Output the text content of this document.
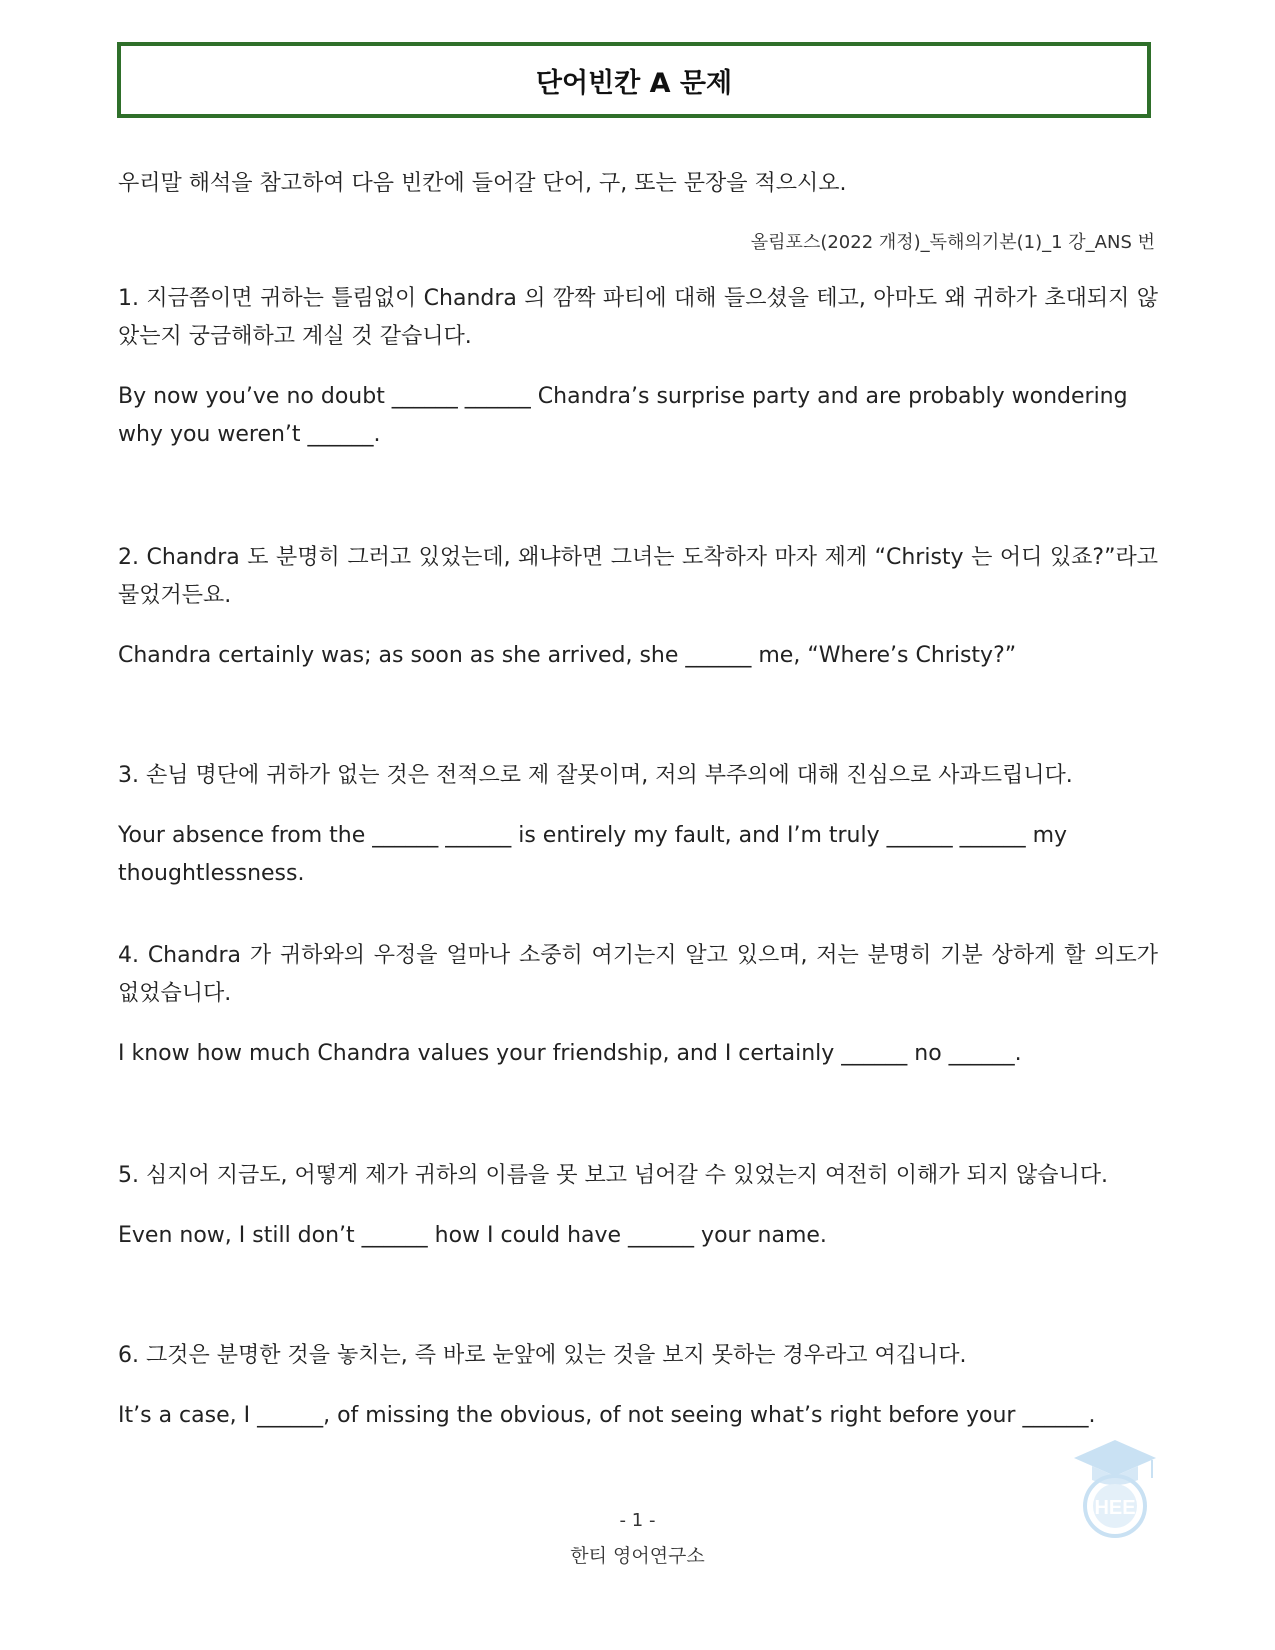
단어빈칸 A 문제
우리말 해석을 참고하여 다음 빈칸에 들어갈 단어, 구, 또는 문장을 적으시오.
올림포스(2022 개정)_독해의기본(1)_1 강_ANS 번

1. 지금쯤이면 귀하는 틀림없이 Chandra 의 깜짝 파티에 대해 들으셨을 테고, 아마도 왜 귀하가 초대되지 않았는지 궁금해하고 계실 것 같습니다.

By now you’ve no doubt ______ ______ Chandra’s surprise party and are probably wondering why you weren’t ______.

2. Chandra 도 분명히 그러고 있었는데, 왜냐하면 그녀는 도착하자 마자 제게 “Christy 는 어디 있죠?”라고 물었거든요.

Chandra certainly was; as soon as she arrived, she ______ me, “Where’s Christy?”

3. 손님 명단에 귀하가 없는 것은 전적으로 제 잘못이며, 저의 부주의에 대해 진심으로 사과드립니다.

Your absence from the ______ ______ is entirely my fault, and I’m truly ______ ______ my thoughtlessness.

4. Chandra 가 귀하와의 우정을 얼마나 소중히 여기는지 알고 있으며, 저는 분명히 기분 상하게 할 의도가 없었습니다.

I know how much Chandra values your friendship, and I certainly ______ no ______.

5. 심지어 지금도, 어떻게 제가 귀하의 이름을 못 보고 넘어갈 수 있었는지 여전히 이해가 되지 않습니다.

Even now, I still don’t ______ how I could have ______ your name.

6. 그것은 분명한 것을 놓치는, 즉 바로 눈앞에 있는 것을 보지 못하는 경우라고 여깁니다.

It’s a case, I ______, of missing the obvious, of not seeing what’s right before your ______.

HEE
- 1 -
한티 영어연구소
